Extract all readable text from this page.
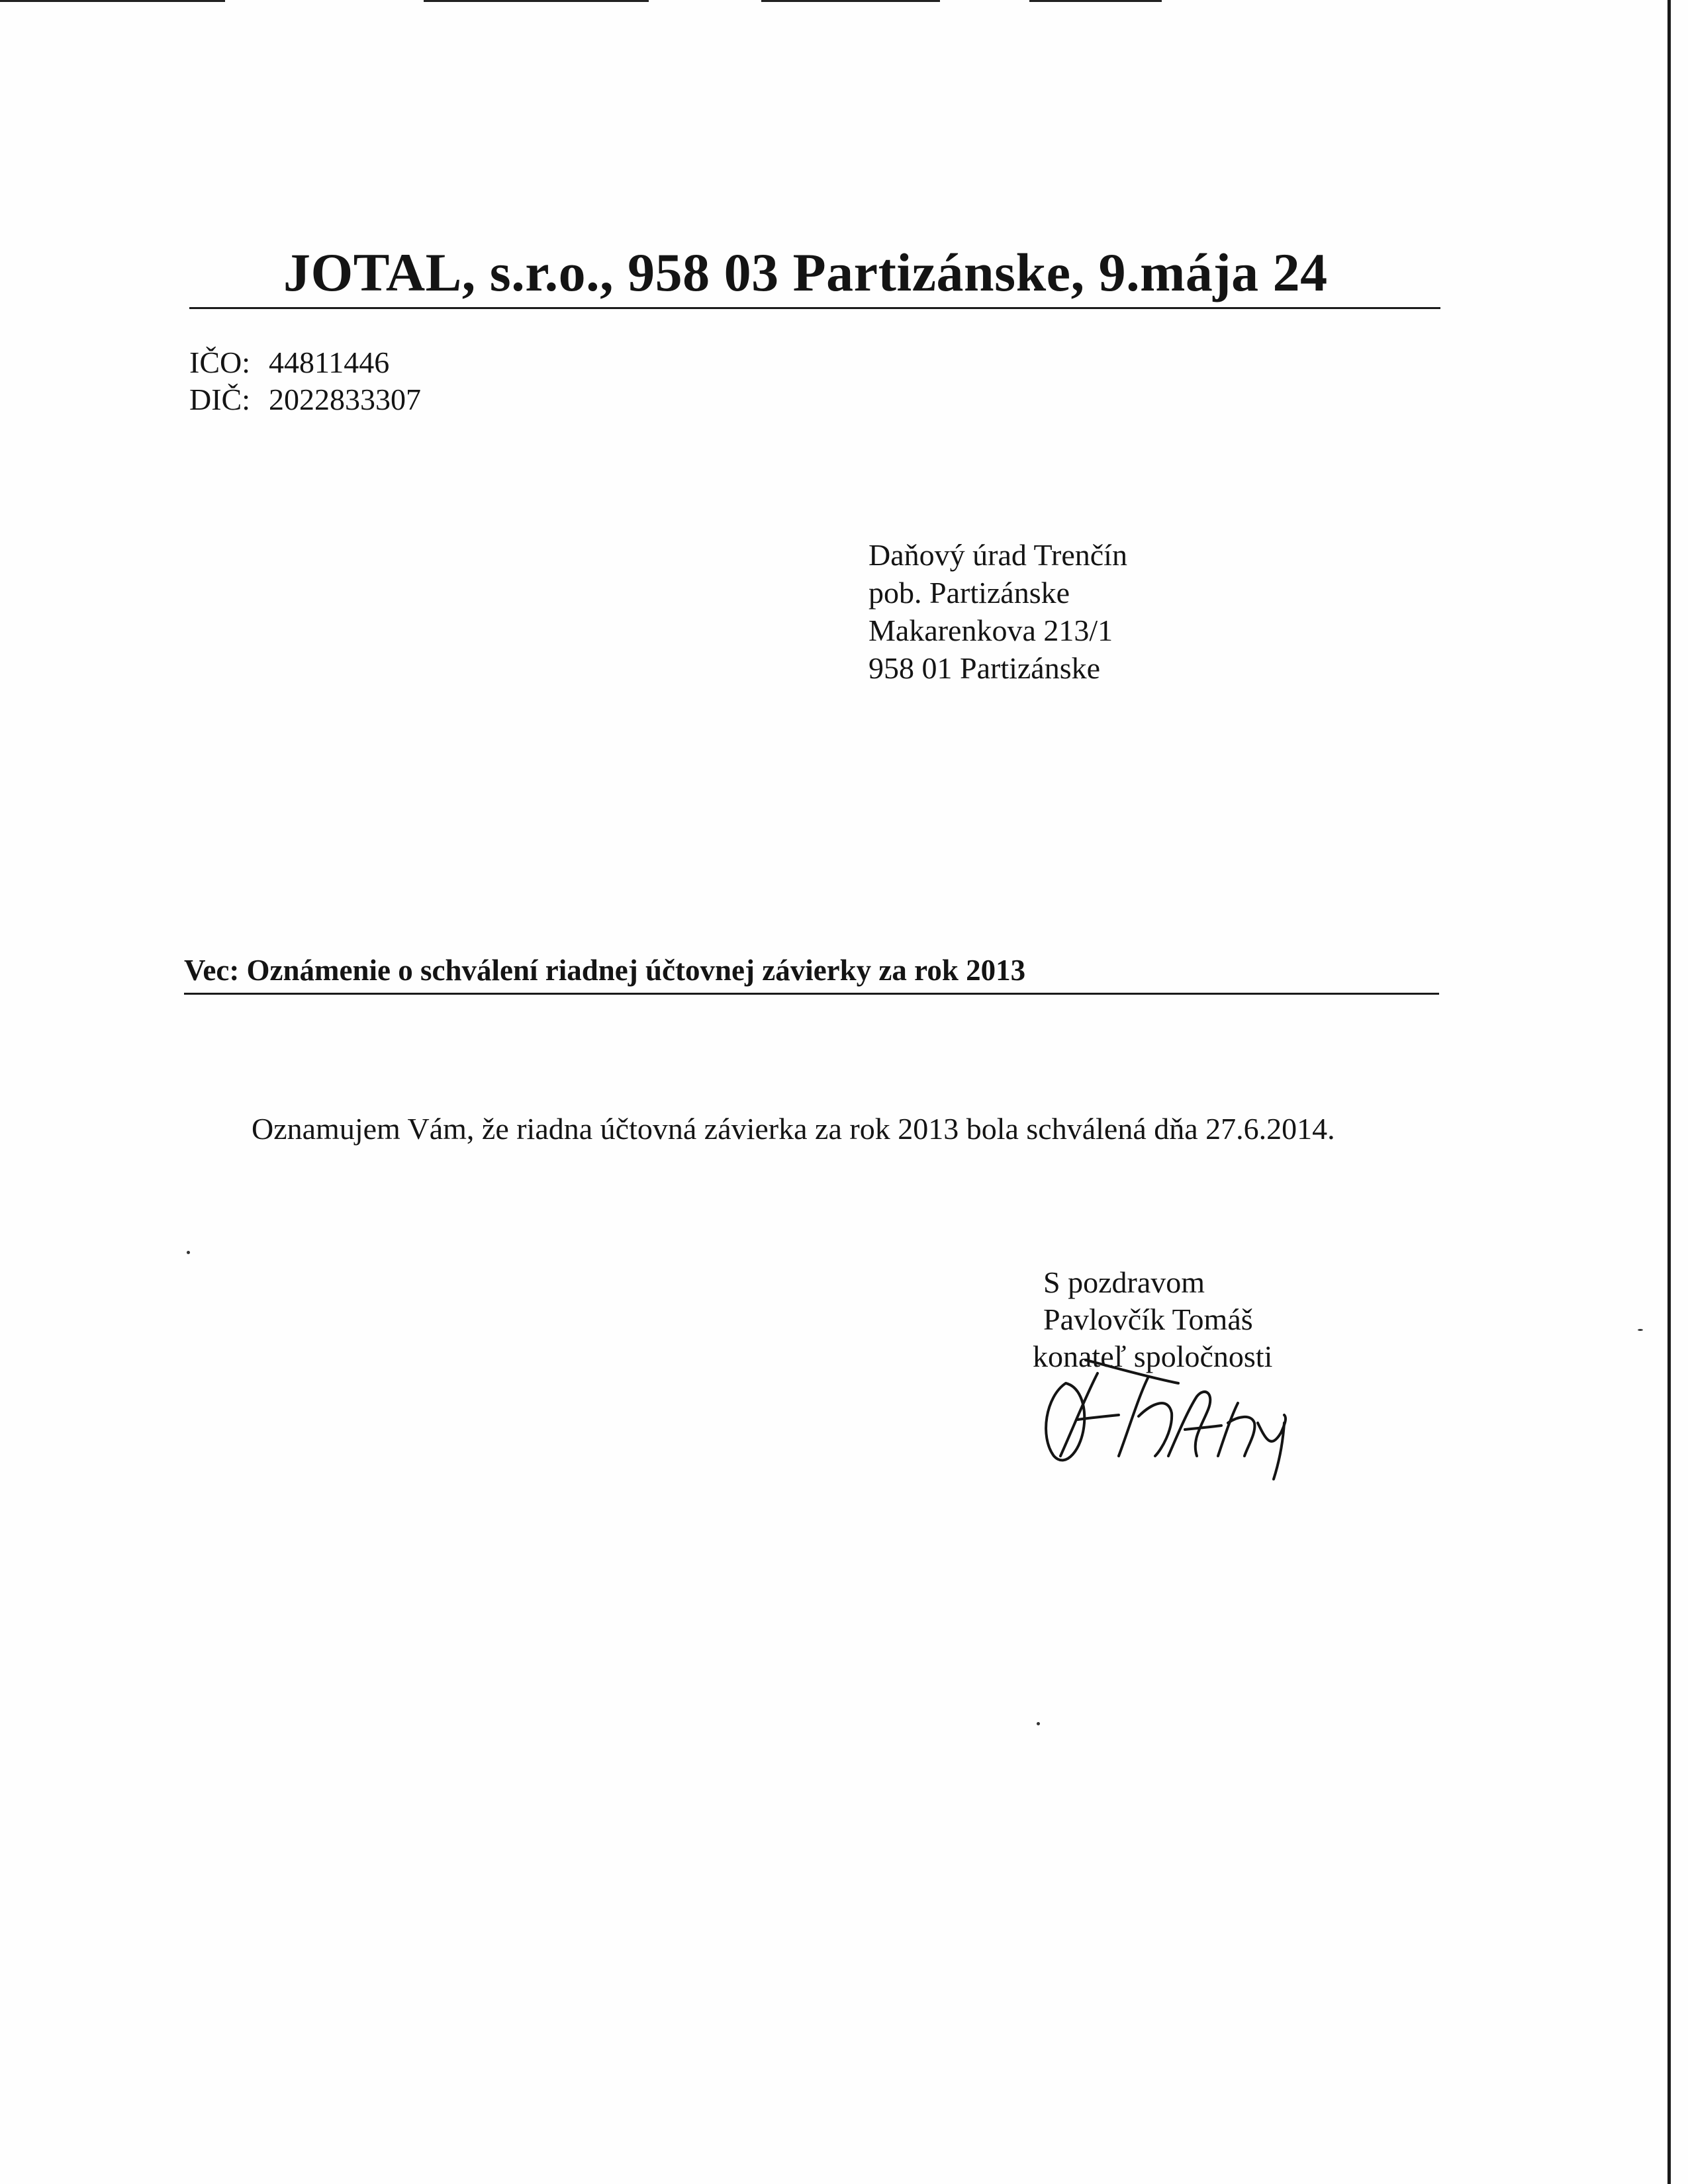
JOTAL, s.r.o., 958 03 Partizánske, 9.mája 24
IČO: 44811446
DIČ: 2022833307
Daňový úrad Trenčín
pob. Partizánske
Makarenkova 213/1
958 01 Partizánske
Vec: Oznámenie o schválení riadnej účtovnej závierky za rok 2013
Oznamujem Vám, že riadna účtovná závierka za rok 2013 bola schválená dňa 27.6.2014.
S pozdravom
Pavlovčík Tomáš
konateľ spoločnosti
